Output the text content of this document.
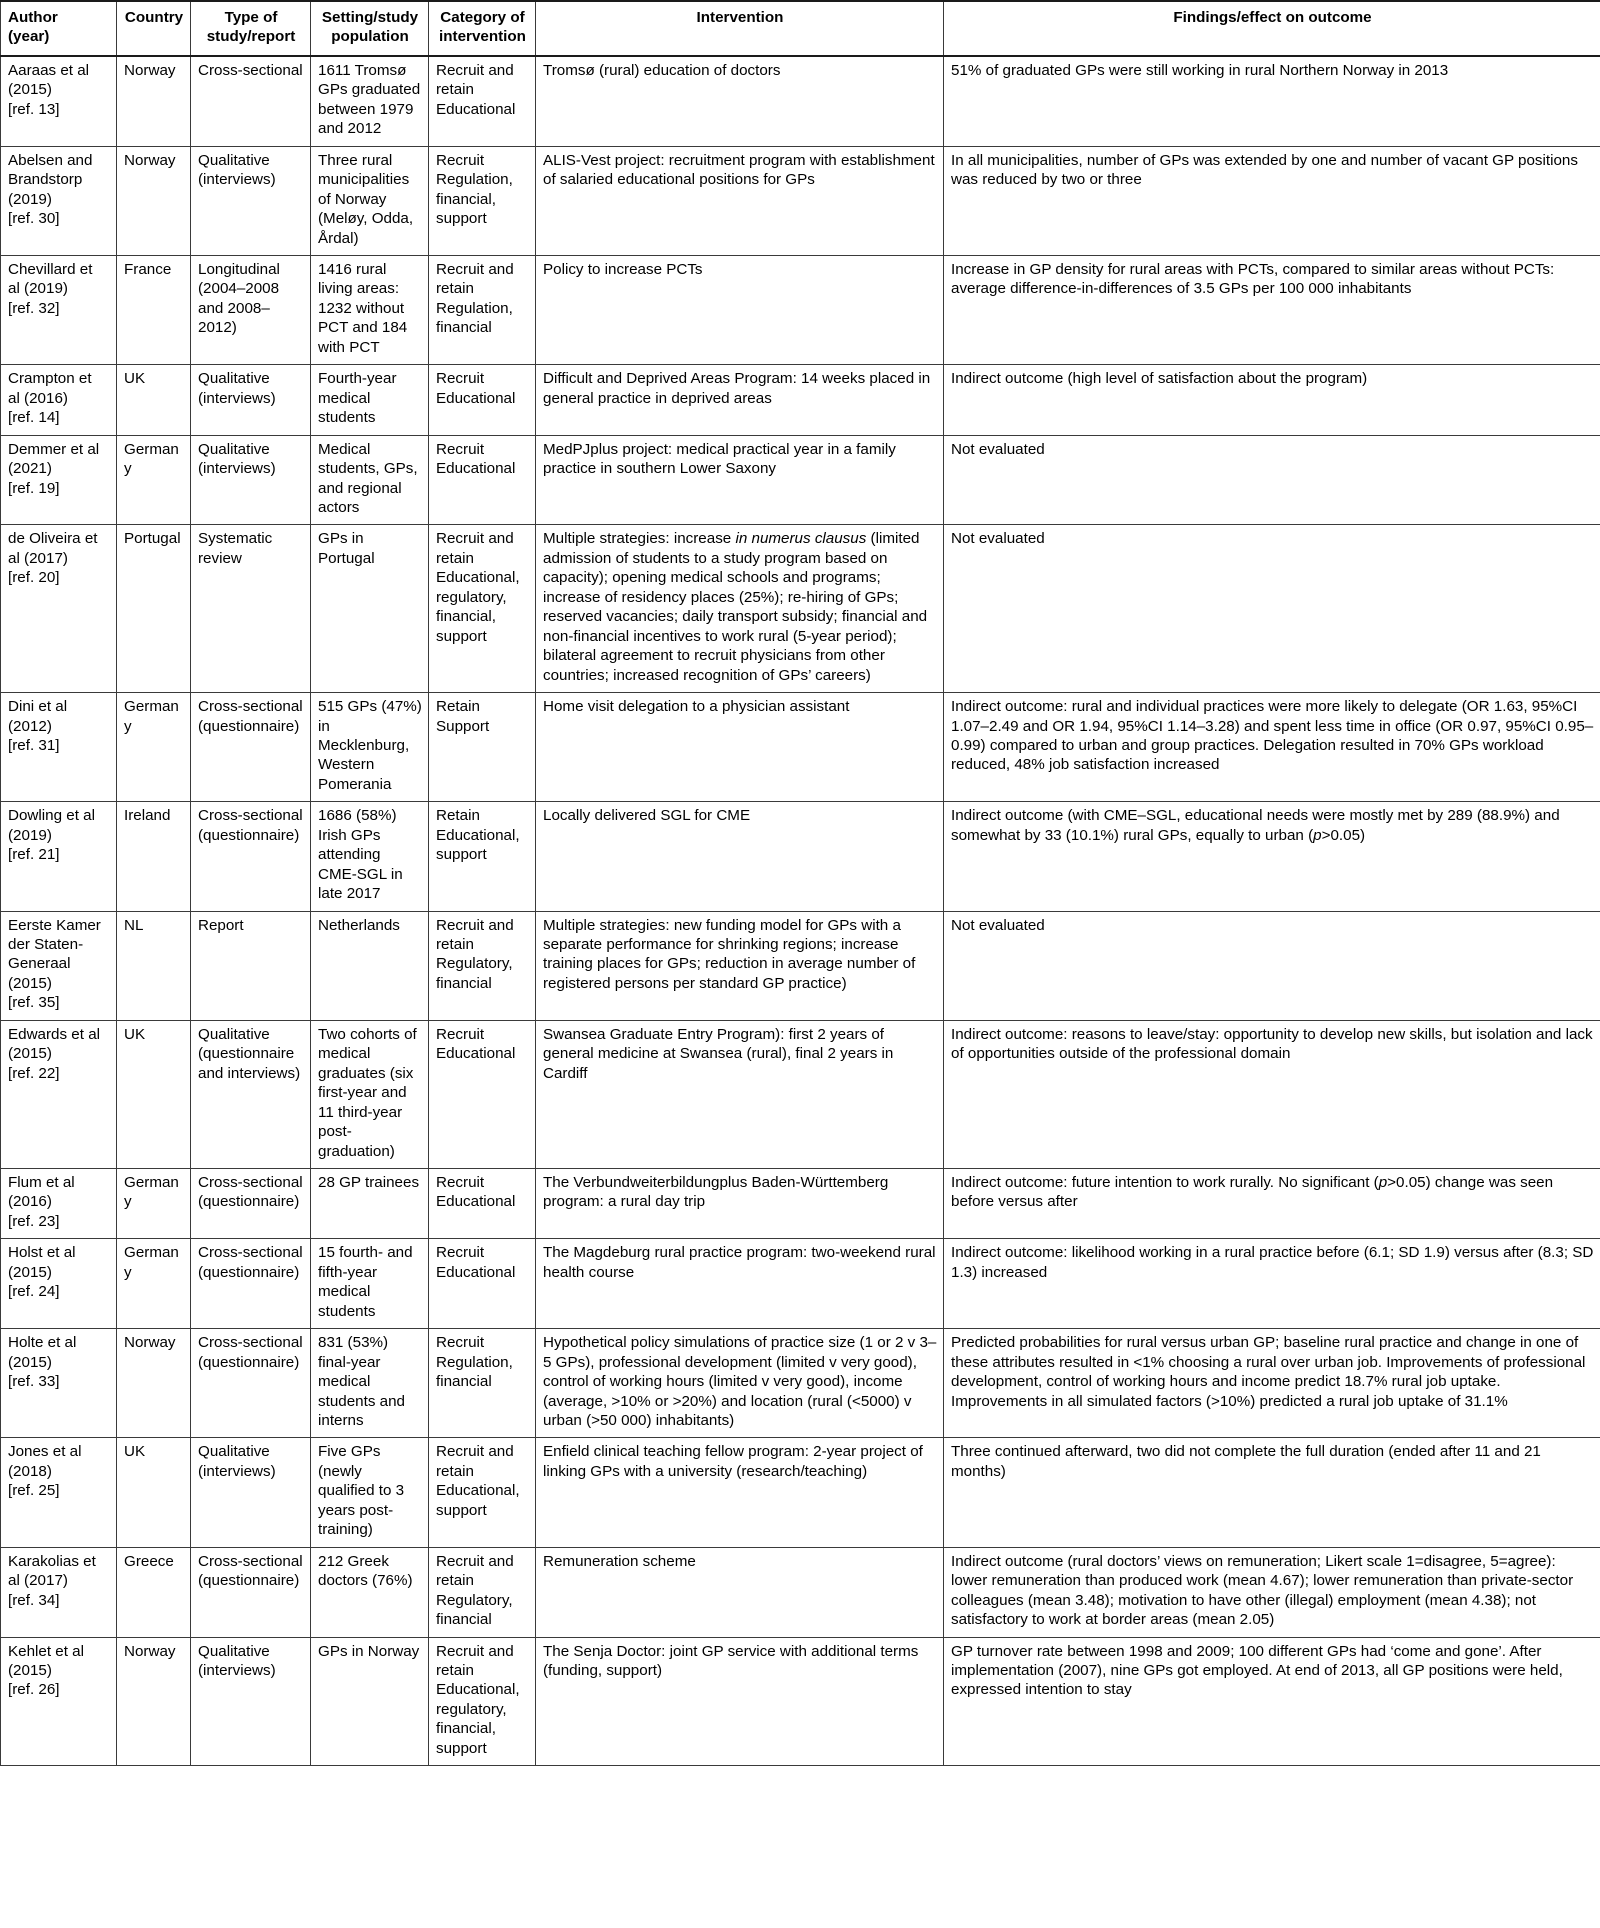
Author
(year)	Country	Type of
study/report	Setting/study
population	Category of
intervention	Intervention	Findings/effect on outcome

Aaraas et al
(2015)
[ref. 13]	Norway	Cross-sectional	1611 Tromsø GPs graduated between 1979 and 2012	Recruit and
retain
Educational	Tromsø (rural) education of doctors	51% of graduated GPs were still working in rural Northern Norway in 2013

Abelsen and
Brandstorp
(2019)
[ref. 30]	Norway	Qualitative (interviews)	Three rural municipalities of Norway (Meløy, Odda, Årdal)	Recruit
Regulation,
financial,
support	ALIS-Vest project: recruitment program with establishment of salaried educational positions for GPs	In all municipalities, number of GPs was extended by one and number of vacant GP positions was reduced by two or three

Chevillard et
al (2019)
[ref. 32]	France	Longitudinal (2004–2008 and 2008–2012)	1416 rural living areas: 1232 without PCT and 184 with PCT	Recruit and
retain
Regulation,
financial	Policy to increase PCTs	Increase in GP density for rural areas with PCTs, compared to similar areas without PCTs: average difference-in-differences of 3.5 GPs per 100 000 inhabitants

Crampton et
al (2016)
[ref. 14]	UK	Qualitative (interviews)	Fourth-year medical students	Recruit
Educational	Difficult and Deprived Areas Program: 14 weeks placed in general practice in deprived areas	Indirect outcome (high level of satisfaction about the program)

Demmer et al
(2021)
[ref. 19]	Germany	Qualitative (interviews)	Medical students, GPs, and regional actors	Recruit
Educational	MedPJplus project: medical practical year in a family practice in southern Lower Saxony	Not evaluated

de Oliveira et
al (2017)
[ref. 20]
	Portugal	Systematic review	GPs in Portugal	
Recruit and
retain
Educational,
regulatory,
financial,
support
	Multiple strategies: increase in numerus clausus (limited admission of students to a study program based on capacity); opening medical schools and programs; increase of residency places (25%); re-hiring of GPs; reserved vacancies; daily transport subsidy; financial and non-financial incentives to work rural (5-year period); bilateral agreement to recruit physicians from other countries; increased recognition of GPs’ careers)	Not evaluated

Dini et al
(2012)
[ref. 31]
	Germany	Cross-sectional (questionnaire)	515 GPs (47%) in Mecklenburg, Western Pomerania	
Retain
Support
	Home visit delegation to a physician assistant	Indirect outcome: rural and individual practices were more likely to delegate (OR 1.63, 95%CI 1.07–2.49 and OR 1.94, 95%CI 1.14–3.28) and spent less time in office (OR 0.97, 95%CI 0.95–0.99) compared to urban and group practices. Delegation resulted in 70% GPs workload reduced, 48% job satisfaction increased

Dowling et al
(2019)
[ref. 21]	Ireland	Cross-sectional (questionnaire)	1686 (58%) Irish GPs attending CME-SGL in late 2017	Retain
Educational,
support	Locally delivered SGL for CME	Indirect outcome (with CME–SGL, educational needs were mostly met by 289 (88.9%) and somewhat by 33 (10.1%) rural GPs, equally to urban (p>0.05)

Eerste Kamer
der Staten-
Generaal
(2015)
[ref. 35]
	NL	Report	Netherlands	Recruit and
retain
Regulatory,
financial
	Multiple strategies: new funding model for GPs with a separate performance for shrinking regions; increase training places for GPs; reduction in average number of registered persons per standard GP practice)	Not evaluated

Edwards et al
(2015)
[ref. 22]	UK	Qualitative (questionnaire and interviews)	Two cohorts of medical graduates (six first-year and 11 third-year post-graduation)	Recruit
Educational	Swansea Graduate Entry Program): first 2 years of general medicine at Swansea (rural), final 2 years in Cardiff	Indirect outcome: reasons to leave/stay: opportunity to develop new skills, but isolation and lack of opportunities outside of the professional domain

Flum et al
(2016)
[ref. 23]	Germany	Cross-sectional (questionnaire)	28 GP trainees	Recruit
Educational	The Verbundweiterbildungplus Baden-Württemberg program: a rural day trip	Indirect outcome: future intention to work rurally. No significant (p>0.05) change was seen before versus after

Holst et al
(2015)
[ref. 24]	Germany	Cross-sectional (questionnaire)	15 fourth- and fifth-year medical students	Recruit
Educational	The Magdeburg rural practice program: two-weekend rural health course	Indirect outcome: likelihood working in a rural practice before (6.1; SD 1.9) versus after (8.3; SD 1.3) increased

Holte et al
(2015)
[ref. 33]
	Norway	Cross-sectional (questionnaire)	831 (53%) final-year medical students and interns	
Recruit
Regulation,
financial
	Hypothetical policy simulations of practice size (1 or 2 v 3–5 GPs), professional development (limited v very good), control of working hours (limited v very good), income (average, >10% or >20%) and location (rural (<5000) v urban (>50 000) inhabitants)	Predicted probabilities for rural versus urban GP; baseline rural practice and change in one of these attributes resulted in <1% choosing a rural over urban job. Improvements of professional development, control of working hours and income predict 18.7% rural job uptake. Improvements in all simulated factors (>10%) predicted a rural job uptake of 31.1%

Jones et al
(2018)
[ref. 25]	UK	Qualitative (interviews)	Five GPs (newly qualified to 3 years post-training)	Recruit and
retain
Educational,
support	Enfield clinical teaching fellow program: 2-year project of linking GPs with a university (research/teaching)	Three continued afterward, two did not complete the full duration (ended after 11 and 21 months)

Karakolias et
al (2017)
[ref. 34]
	Greece	Cross-sectional (questionnaire)	212 Greek doctors (76%)	
Recruit and
retain
Regulatory,
financial
	Remuneration scheme	Indirect outcome (rural doctors’ views on remuneration; Likert scale 1=disagree, 5=agree): lower remuneration than produced work (mean 4.67); lower remuneration than private-sector colleagues (mean 3.48); motivation to have other (illegal) employment (mean 4.38); not satisfactory to work at border areas (mean 2.05)

Kehlet et al
(2015)
[ref. 26]
	Norway	Qualitative (interviews)	GPs in Norway	Recruit and
retain
Educational,
regulatory,
financial,
support
	The Senja Doctor: joint GP service with additional terms (funding, support)	GP turnover rate between 1998 and 2009; 100 different GPs had ‘come and gone’. After implementation (2007), nine GPs got employed. At end of 2013, all GP positions were held, expressed intention to stay
